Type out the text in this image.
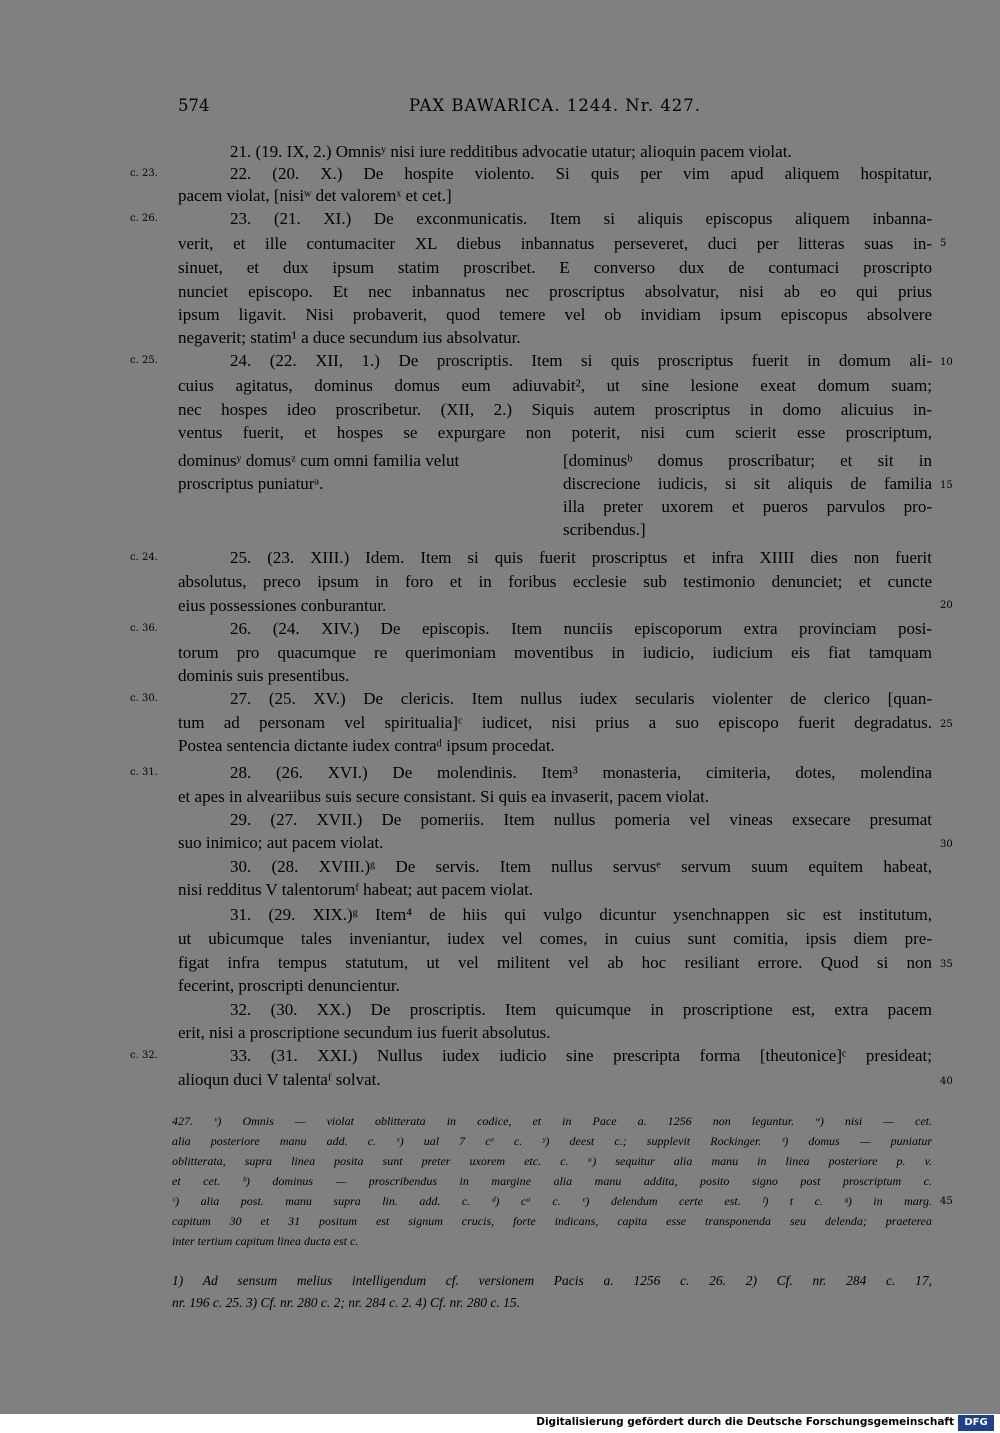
574	PAX BAWARICA. 1244. Nr. 427.
21. (19. IX, 2.) Omnisʸ nisi iure redditibus advocatie utatur; alioquin pacem violat.
22. (20. X.) De hospite violento. Si quis per vim apud aliquem hospitatur,
pacem violat, [nisiʷ det valoremˣ et cet.]
23. (21. XI.) De exconmunicatis. Item si aliquis episcopus aliquem inbanna-
verit, et ille contumaciter XL diebus inbannatus perseveret, duci per litteras suas in-
sinuet, et dux ipsum statim proscribet. E converso dux de contumaci proscripto
nunciet episcopo. Et nec inbannatus nec proscriptus absolvatur, nisi ab eo qui prius
ipsum ligavit. Nisi probaverit, quod temere vel ob invidiam ipsum episcopus absolvere
negaverit; statim¹ a duce secundum ius absolvatur.
24. (22. XII, 1.) De proscriptis. Item si quis proscriptus fuerit in domum ali-
cuius agitatus, dominus domus eum adiuvabit², ut sine lesione exeat domum suam;
nec hospes ideo proscribetur. (XII, 2.) Siquis autem proscriptus in domo alicuius in-
ventus fuerit, et hospes se expurgare non poterit, nisi cum scierit esse proscriptum,
dominusʸ domusᶻ cum omni familia velut
proscriptus puniaturᵃ.
[dominusᵇ domus proscribatur; et sit in
discrecione iudicis, si sit aliquis de familia
illa preter uxorem et pueros parvulos pro-
scribendus.]
25. (23. XIII.) Idem. Item si quis fuerit proscriptus et infra XIIII dies non fuerit
absolutus, preco ipsum in foro et in foribus ecclesie sub testimonio denunciet; et cuncte
eius possessiones conburantur.
26. (24. XIV.) De episcopis. Item nunciis episcoporum extra provinciam posi-
torum pro quacumque re querimoniam moventibus in iudicio, iudicium eis fiat tamquam
dominis suis presentibus.
27. (25. XV.) De clericis. Item nullus iudex secularis violenter de clerico [quan-
tum ad personam vel spiritualia]ᶜ iudicet, nisi prius a suo episcopo fuerit degradatus.
Postea sentencia dictante iudex contraᵈ ipsum procedat.
28. (26. XVI.) De molendinis. Item³ monasteria, cimiteria, dotes, molendina
et apes in alveariibus suis secure consistant. Si quis ea invaserit, pacem violat.
29. (27. XVII.) De pomeriis. Item nullus pomeria vel vineas exsecare presumat
suo inimico; aut pacem violat.
30. (28. XVIII.)ᵍ De servis. Item nullus servusᵉ servum suum equitem habeat,
nisi redditus V talentorumᶠ habeat; aut pacem violat.
31. (29. XIX.)ᵍ Item⁴ de hiis qui vulgo dicuntur ysenchnappen sic est institutum,
ut ubicumque tales inveniantur, iudex vel comes, in cuius sunt comitia, ipsis diem pre-
figat infra tempus statutum, ut vel militent vel ab hoc resiliant errore. Quod si non
fecerint, proscripti denuncientur.
32. (30. XX.) De proscriptis. Item quicumque in proscriptione est, extra pacem
erit, nisi a proscriptione secundum ius fuerit absolutus.
33. (31. XXI.) Nullus iudex iudicio sine prescripta forma [theutonice]ᶜ presideat;
alioqun duci V talentaᶠ solvat.
c. 23.
c. 26.
c. 25.
c. 24.
c. 36.
c. 30.
c. 31.
c. 32.
5
10
15
20
25
30
35
40
45
427. ᵛ) Omnis — violat oblitterata in codice, et in Pace a. 1256 non leguntur. ʷ) nisi — cet.
alia posteriore manu add. c. ˣ) ual 7 cᵉ c. ʸ) deest c.; supplevit Rockinger. ᶻ) domus — puniatur
oblitterata, supra linea posita sunt preter uxorem etc. c. ᵃ) sequitur alia manu in linea posteriore p. v.
et cet. ᵇ) dominus — proscribendus in margine alia manu addita, posito signo post proscriptum c.
ᶜ) alia post. manu supra lin. add. c. ᵈ) cᵃ c. ᵉ) delendum certe est. ᶠ) t c. ᵍ) in marg.
capitum 30 et 31 positum est signum crucis, forte indicans, capita esse transponenda seu delenda; praeterea
inter tertium capitum linea ducta est c.
1) Ad sensum melius intelligendum cf. versionem Pacis a. 1256 c. 26. 2) Cf. nr. 284 c. 17,
nr. 196 c. 25. 3) Cf. nr. 280 c. 2; nr. 284 c. 2. 4) Cf. nr. 280 c. 15.
Digitalisierung gefördert durch die Deutsche Forschungsgemeinschaft	DFG
